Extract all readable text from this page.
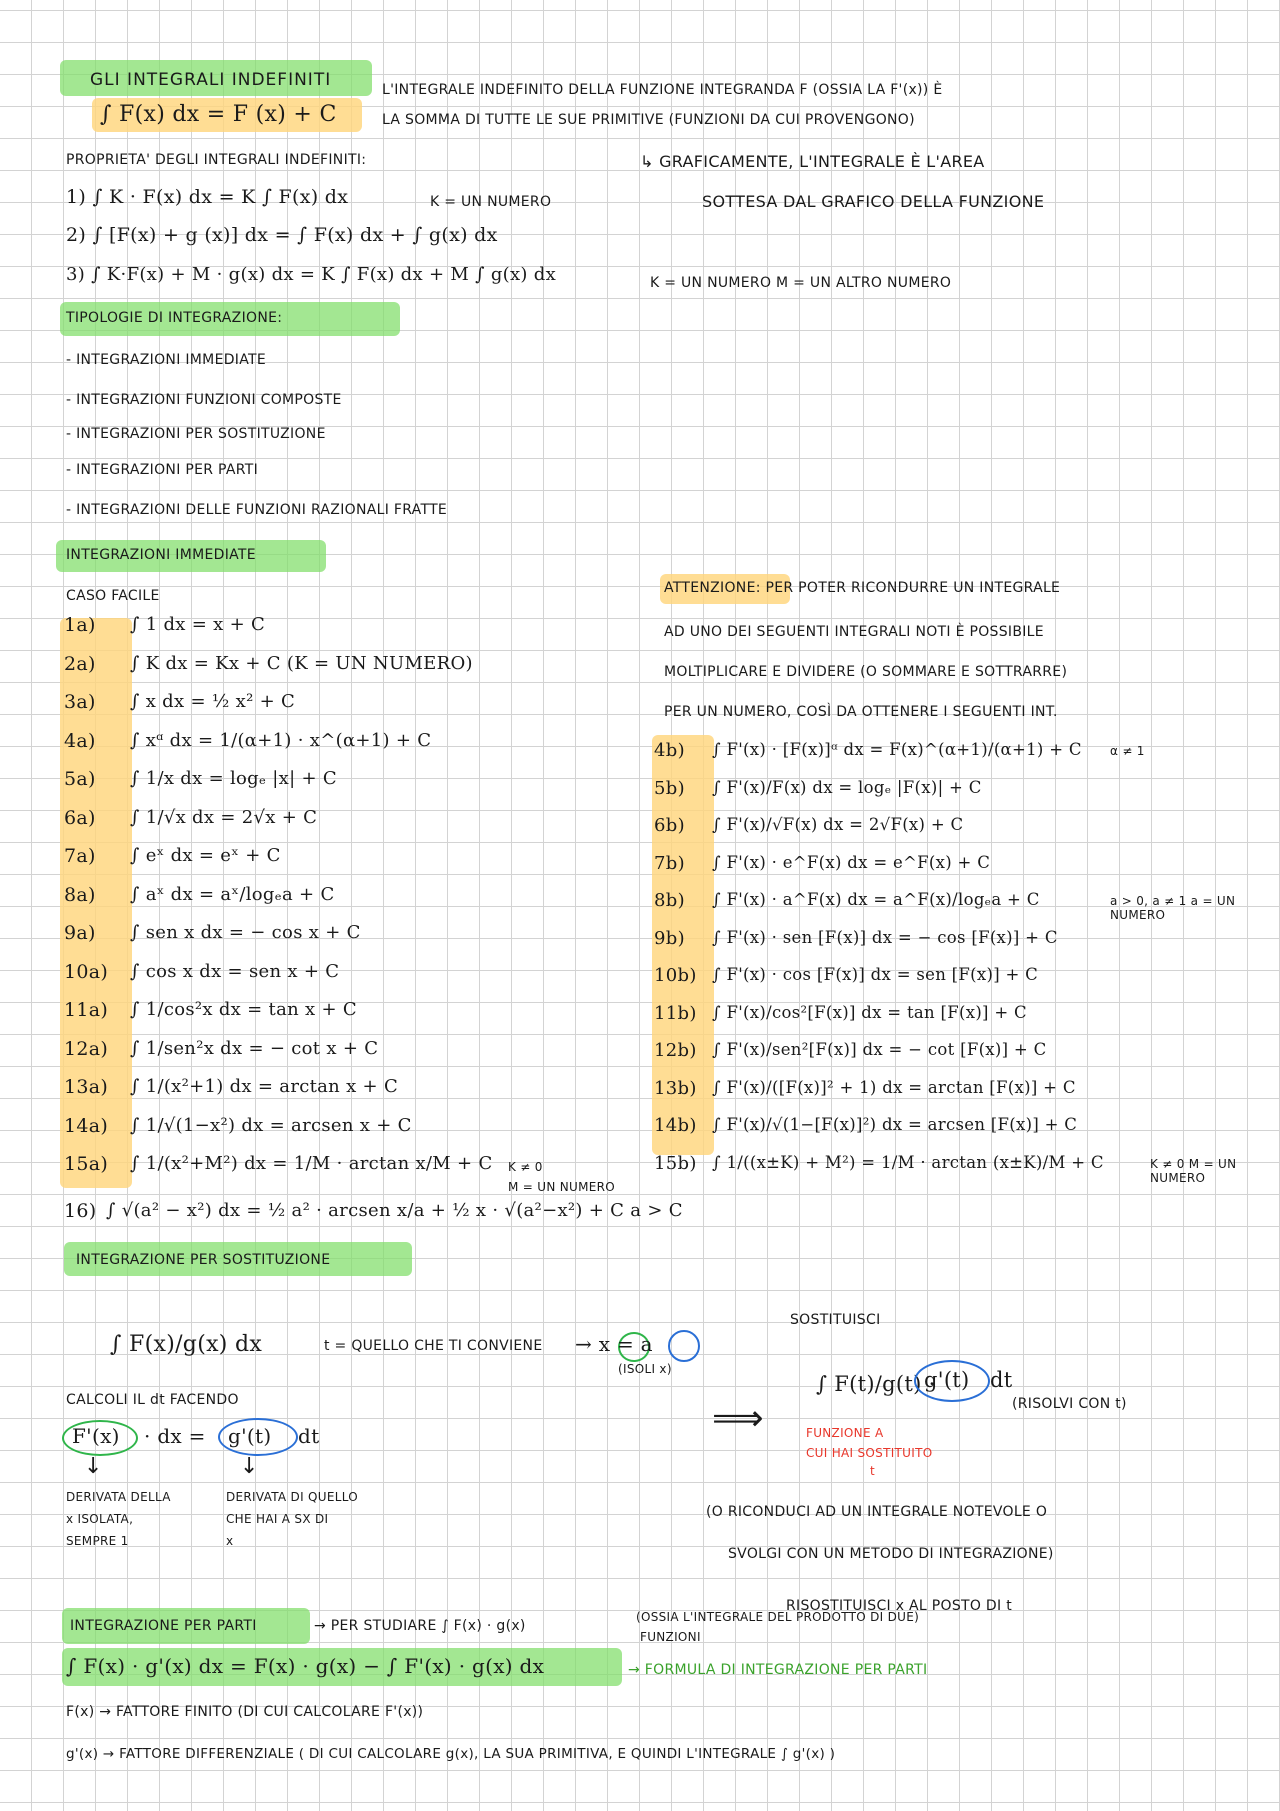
GLI INTEGRALI INDEFINITI
∫ F(x) dx = F (x) + C
L'INTEGRALE INDEFINITO DELLA FUNZIONE INTEGRANDA F (OSSIA LA F'(x)) È
LA SOMMA DI TUTTE LE SUE PRIMITIVE (FUNZIONI DA CUI PROVENGONO)
PROPRIETA' DEGLI INTEGRALI INDEFINITI:
1) ∫ K · F(x) dx = K ∫ F(x) dx	K = UN NUMERO
2) ∫ [F(x) + g (x)] dx = ∫ F(x) dx + ∫ g(x) dx
3) ∫ K·F(x) + M · g(x) dx = K ∫ F(x) dx + M ∫ g(x) dx	K = UN NUMERO M = UN ALTRO NUMERO
↳ GRAFICAMENTE, L'INTEGRALE È L'AREA
SOTTESA DAL GRAFICO DELLA FUNZIONE
TIPOLOGIE DI INTEGRAZIONE:
- INTEGRAZIONI IMMEDIATE
- INTEGRAZIONI FUNZIONI COMPOSTE
- INTEGRAZIONI PER SOSTITUZIONE
- INTEGRAZIONI PER PARTI
- INTEGRAZIONI DELLE FUNZIONI RAZIONALI FRATTE
INTEGRAZIONI IMMEDIATE
CASO FACILE	ATTENZIONE: PER POTER RICONDURRE UN INTEGRALE
AD UNO DEI SEGUENTI INTEGRALI NOTI È POSSIBILE
MOLTIPLICARE E DIVIDERE (O SOMMARE E SOTTRARRE)
PER UN NUMERO, COSÌ DA OTTENERE I SEGUENTI INT.
1a) ∫ 1 dx = x + C
2a) ∫ K dx = Kx + C (K = UN NUMERO)
3a) ∫ x dx = ½ x² + C
4a) ∫ xᵅ dx = 1/(α+1) · x^(α+1) + C
5a) ∫ 1/x dx = logₑ |x| + C
6a) ∫ 1/√x dx = 2√x + C
7a) ∫ eˣ dx = eˣ + C
8a) ∫ aˣ dx = aˣ/logₑa + C
9a) ∫ sen x dx = − cos x + C
10a) ∫ cos x dx = sen x + C
11a) ∫ 1/cos²x dx = tan x + C
12a) ∫ 1/sen²x dx = − cot x + C
13a) ∫ 1/(x²+1) dx = arctan x + C
14a) ∫ 1/√(1−x²) dx = arcsen x + C
15a) ∫ 1/(x²+M²) dx = 1/M · arctan x/M + C K ≠ 0
M = UN NUMERO
16) ∫ √(a² − x²) dx = ½ a² · arcsen x/a + ½ x · √(a²−x²) + C a > C
4b) ∫ F'(x) · [F(x)]ᵅ dx = F(x)^(α+1)/(α+1) + C α ≠ 1
5b) ∫ F'(x)/F(x) dx = logₑ |F(x)| + C
6b) ∫ F'(x)/√F(x) dx = 2√F(x) + C
7b) ∫ F'(x) · e^F(x) dx = e^F(x) + C
8b) ∫ F'(x) · a^F(x) dx = a^F(x)/logₑa + C	a > 0, a ≠ 1 a = UN NUMERO
9b) ∫ F'(x) · sen [F(x)] dx = − cos [F(x)] + C
10b) ∫ F'(x) · cos [F(x)] dx = sen [F(x)] + C
11b) ∫ F'(x)/cos²[F(x)] dx = tan [F(x)] + C
12b) ∫ F'(x)/sen²[F(x)] dx = − cot [F(x)] + C
13b) ∫ F'(x)/([F(x)]² + 1) dx = arctan [F(x)] + C
14b) ∫ F'(x)/√(1−[F(x)]²) dx = arcsen [F(x)] + C
15b) ∫ 1/((x±K) + M²) = 1/M · arctan (x±K)/M + C	K ≠ 0 M = UN NUMERO
INTEGRAZIONE PER SOSTITUZIONE
∫ F(x)/g(x) dx	t = QUELLO CHE TI CONVIENE → x = a
(ISOLI x)
CALCOLI IL dt FACENDO
F'(x) · dx = g'(t) dt
↓	↓
DERIVATA DELLA
x ISOLATA,
SEMPRE 1
DERIVATA DI QUELLO
CHE HAI A SX DI
x
⟹
SOSTITUISCI
∫ F(t)/g(t) ·
g'(t) dt
(RISOLVI CON t)
FUNZIONE A
CUI HAI SOSTITUITO
t
(O RICONDUCI AD UN INTEGRALE NOTEVOLE O
SVOLGI CON UN METODO DI INTEGRAZIONE)
RISOSTITUISCI x AL POSTO DI t
INTEGRAZIONE PER PARTI	→ PER STUDIARE ∫ F(x) · g(x)
(OSSIA L'INTEGRALE DEL PRODOTTO DI DUE)
FUNZIONI
∫ F(x) · g'(x) dx = F(x) · g(x) − ∫ F'(x) · g(x) dx	→ FORMULA DI INTEGRAZIONE PER PARTI
F(x) → FATTORE FINITO (DI CUI CALCOLARE F'(x))
g'(x) → FATTORE DIFFERENZIALE ( DI CUI CALCOLARE g(x), LA SUA PRIMITIVA, E QUINDI L'INTEGRALE ∫ g'(x) )
